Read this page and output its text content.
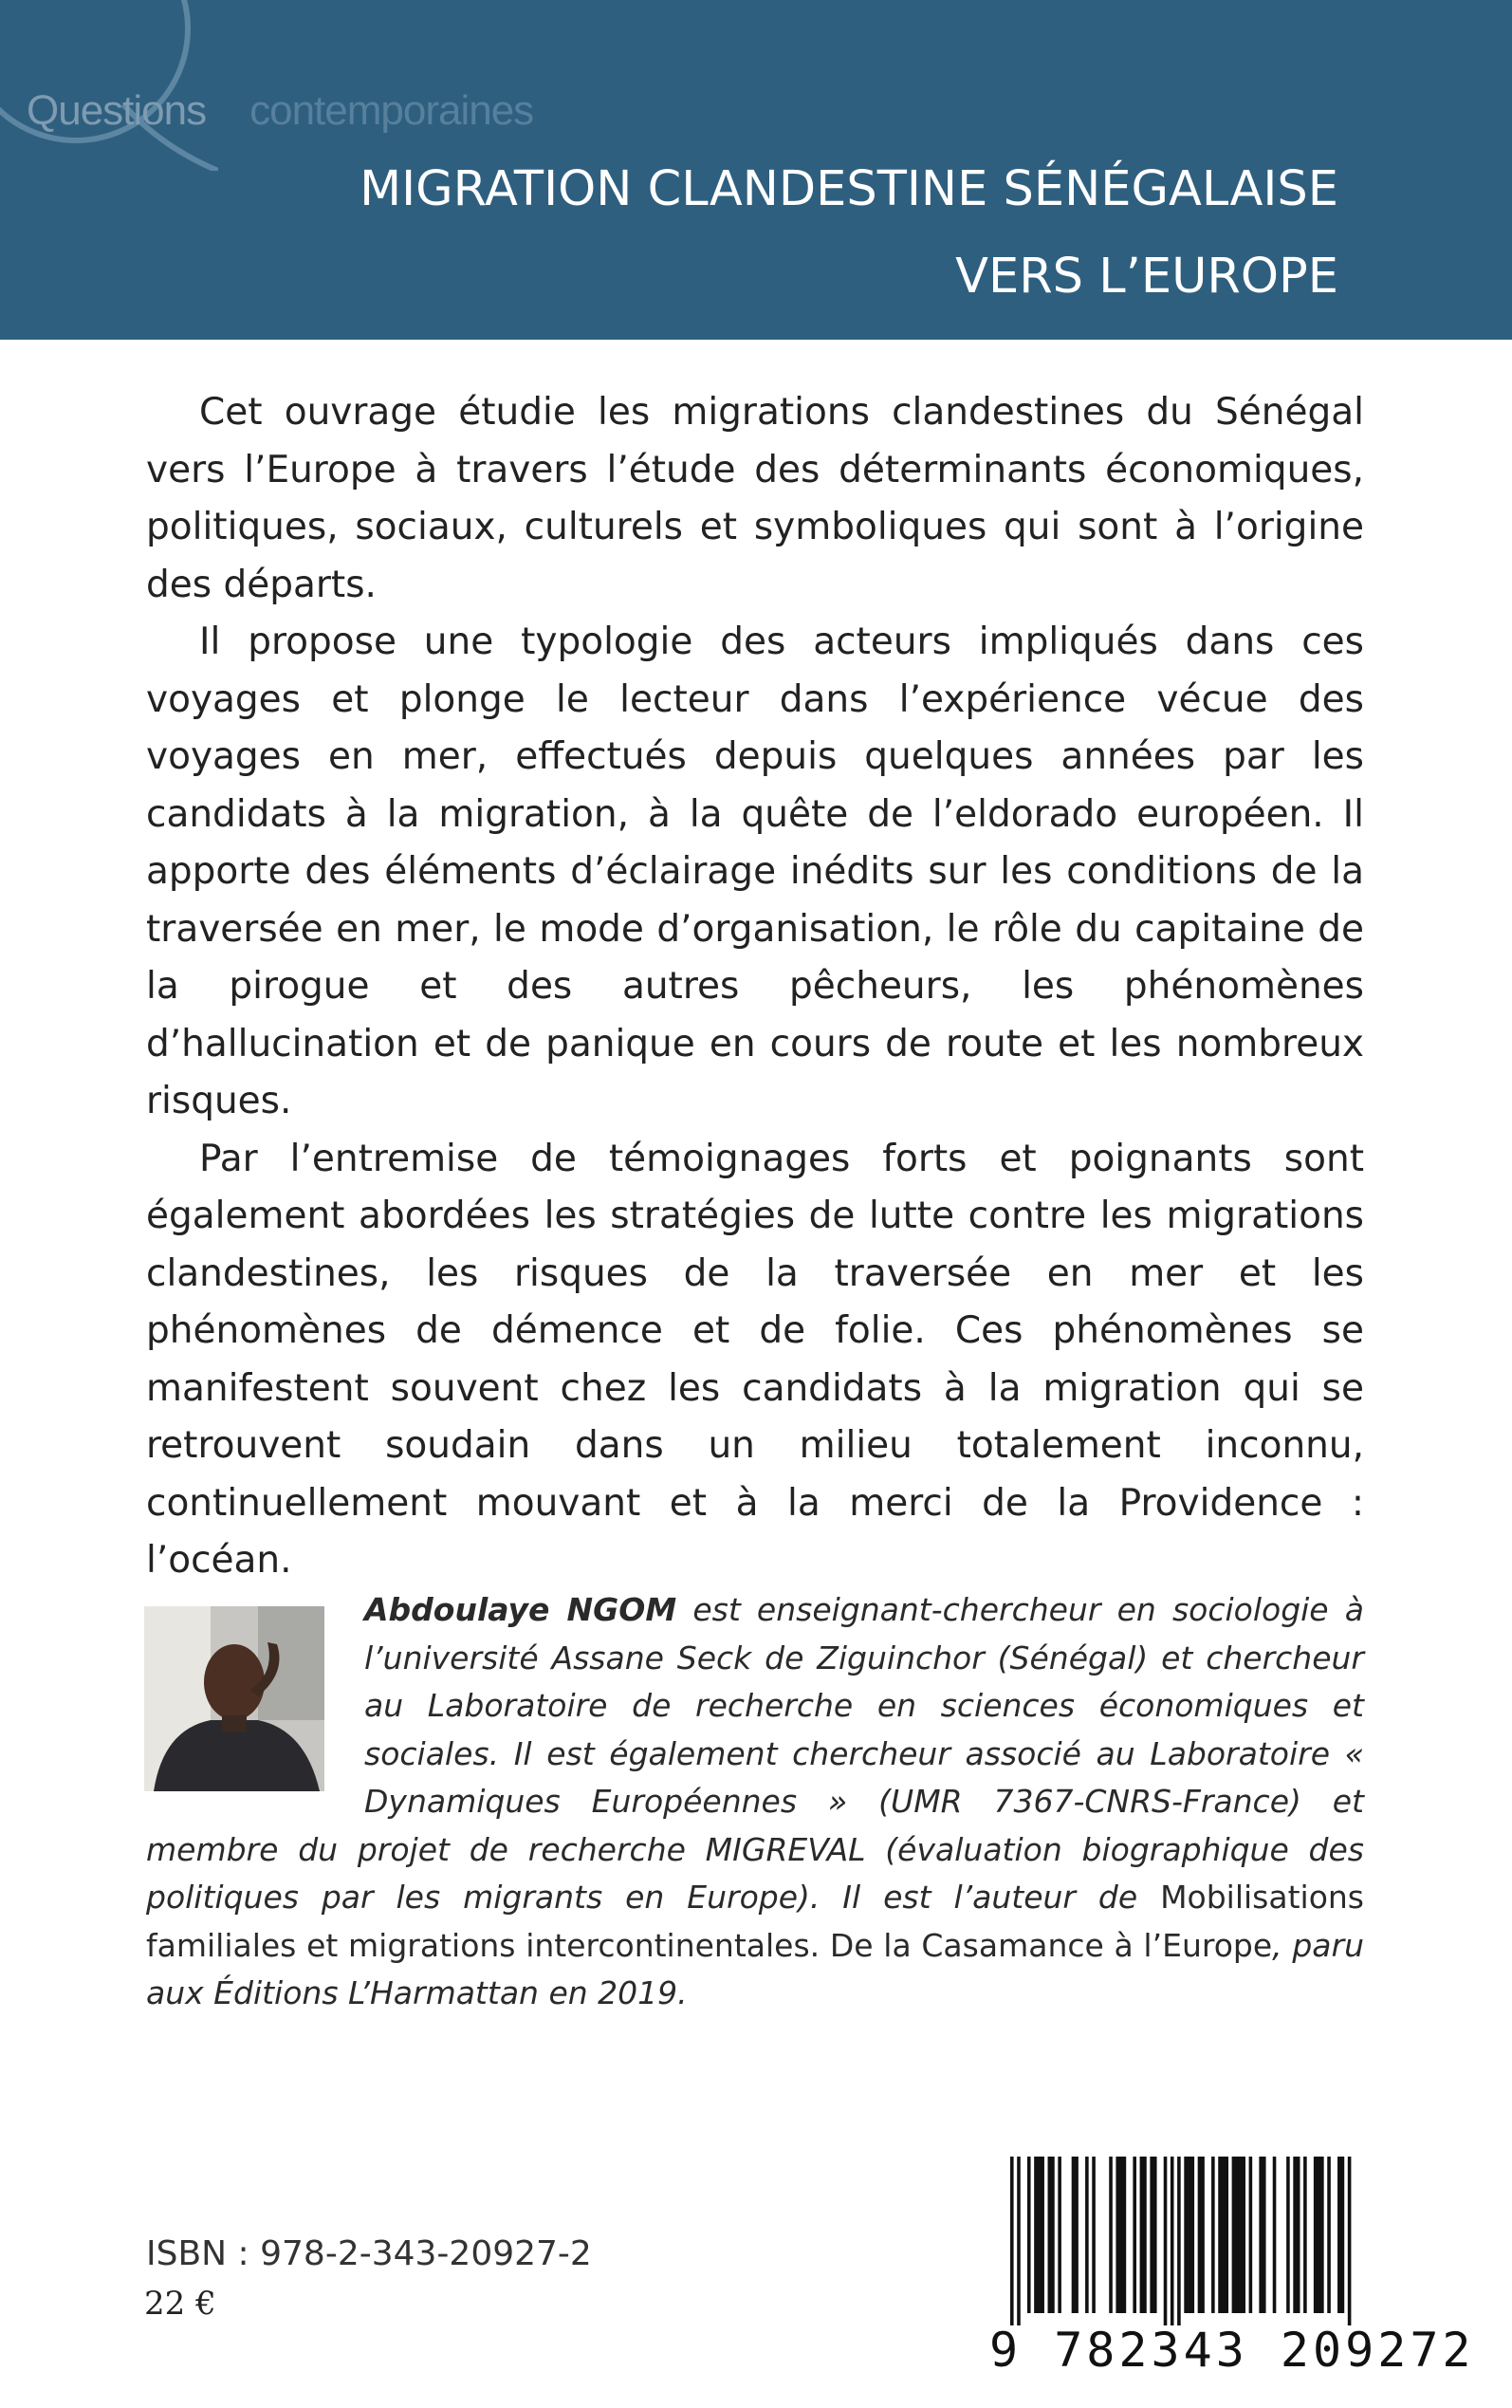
Questions contemporaines
MIGRATION CLANDESTINE SÉNÉGALAISE
VERS L’EUROPE

Cet ouvrage étudie les migrations clandestines du Sénégal vers l’Europe à travers l’étude des déterminants économiques, politiques, sociaux, culturels et symboliques qui sont à l’origine des départs.

Il propose une typologie des acteurs impliqués dans ces voyages et plonge le lecteur dans l’expérience vécue des voyages en mer, effectués depuis quelques années par les candidats à la migration, à la quête de l’eldorado européen. Il apporte des éléments d’éclairage inédits sur les conditions de la traversée en mer, le mode d’organisation, le rôle du capitaine de la pirogue et des autres pêcheurs, les phénomènes d’hallucination et de panique en cours de route et les nombreux risques.

Par l’entremise de témoignages forts et poignants sont également abordées les stratégies de lutte contre les migrations clandestines, les risques de la traversée en mer et les phénomènes de démence et de folie. Ces phénomènes se manifestent souvent chez les candidats à la migration qui se retrouvent soudain dans un milieu totalement inconnu, continuellement mouvant et à la merci de la Providence : l’océan.

Abdoulaye NGOM est enseignant-chercheur en sociologie à l’université Assane Seck de Ziguinchor (Sénégal) et chercheur au Laboratoire de recherche en sciences économiques et sociales. Il est également chercheur associé au Laboratoire « Dynamiques Européennes » (UMR 7367-CNRS-France) et membre du projet de recherche MIGREVAL (évaluation biographique des politiques par les migrants en Europe). Il est l’auteur de Mobilisations familiales et migrations intercontinentales. De la Casamance à l’Europe, paru aux Éditions L’Harmattan en 2019.
ISBN : 978-2-343-20927-2
22 €
9 782343 209272
